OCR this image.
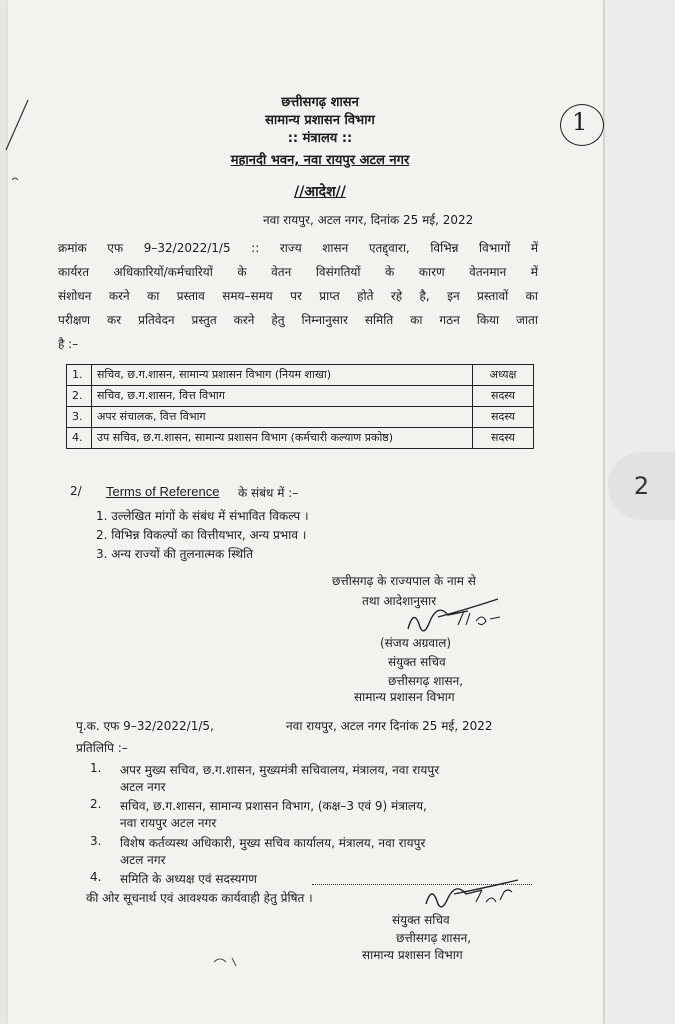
2
छत्तीसगढ़ शासन
सामान्य प्रशासन विभाग
:: मंत्रालय ::
महानदी भवन, नवा रायपुर अटल नगर
1
//आदेश//
नवा रायपुर, अटल नगर, दिनांक 25 मई, 2022
क्रमांक एफ 9–32/2022/1/5 :: राज्य शासन एतद्द्वारा, विभिन्न विभागों में
कार्यरत अधिकारियों/कर्मचारियों के वेतन विसंगतियों के कारण वेतनमान में
संशोधन करने का प्रस्ताव समय–समय पर प्राप्त होते रहे है, इन प्रस्तावों का
परीक्षण कर प्रतिवेदन प्रस्तुत करने हेतु निम्नानुसार समिति का गठन किया जाता
है :–
1.	सचिव, छ.ग.शासन, सामान्य प्रशासन विभाग (नियम शाखा)	अध्यक्ष
2.	सचिव, छ.ग.शासन, वित्त विभाग	सदस्य
3.	अपर संचालक, वित्त विभाग	सदस्य
4.	उप सचिव, छ.ग.शासन, सामान्य प्रशासन विभाग (कर्मचारी कल्याण प्रकोष्ठ)	सदस्य
2/ Terms of Reference के संबंध में :–
1. उल्लेखित मांगों के संबंध में संभावित विकल्प ।
2. विभिन्न विकल्पों का वित्तीयभार, अन्य प्रभाव ।
3. अन्य राज्यों की तुलनात्मक स्थिति
छत्तीसगढ़ के राज्यपाल के नाम से
तथा आदेशानुसार
(संजय अग्रवाल)
संयुक्त सचिव
छत्तीसगढ़ शासन,
सामान्य प्रशासन विभाग
पृ.क. एफ 9–32/2022/1/5,	नवा रायपुर, अटल नगर दिनांक 25 मई, 2022
प्रतिलिपि :–
1. अपर मुख्य सचिव, छ.ग.शासन, मुख्यमंत्री सचिवालय, मंत्रालय, नवा रायपुर
अटल नगर
2. सचिव, छ.ग.शासन, सामान्य प्रशासन विभाग, (कक्ष–3 एवं 9) मंत्रालय,
नवा रायपुर अटल नगर
3. विशेष कर्तव्यस्थ अधिकारी, मुख्य सचिव कार्यालय, मंत्रालय, नवा रायपुर
अटल नगर
4. समिति के अध्यक्ष एवं सदस्यगण
की ओर सूचनार्थ एवं आवश्यक कार्यवाही हेतु प्रेषित ।
संयुक्त सचिव
छत्तीसगढ़ शासन,
सामान्य प्रशासन विभाग
